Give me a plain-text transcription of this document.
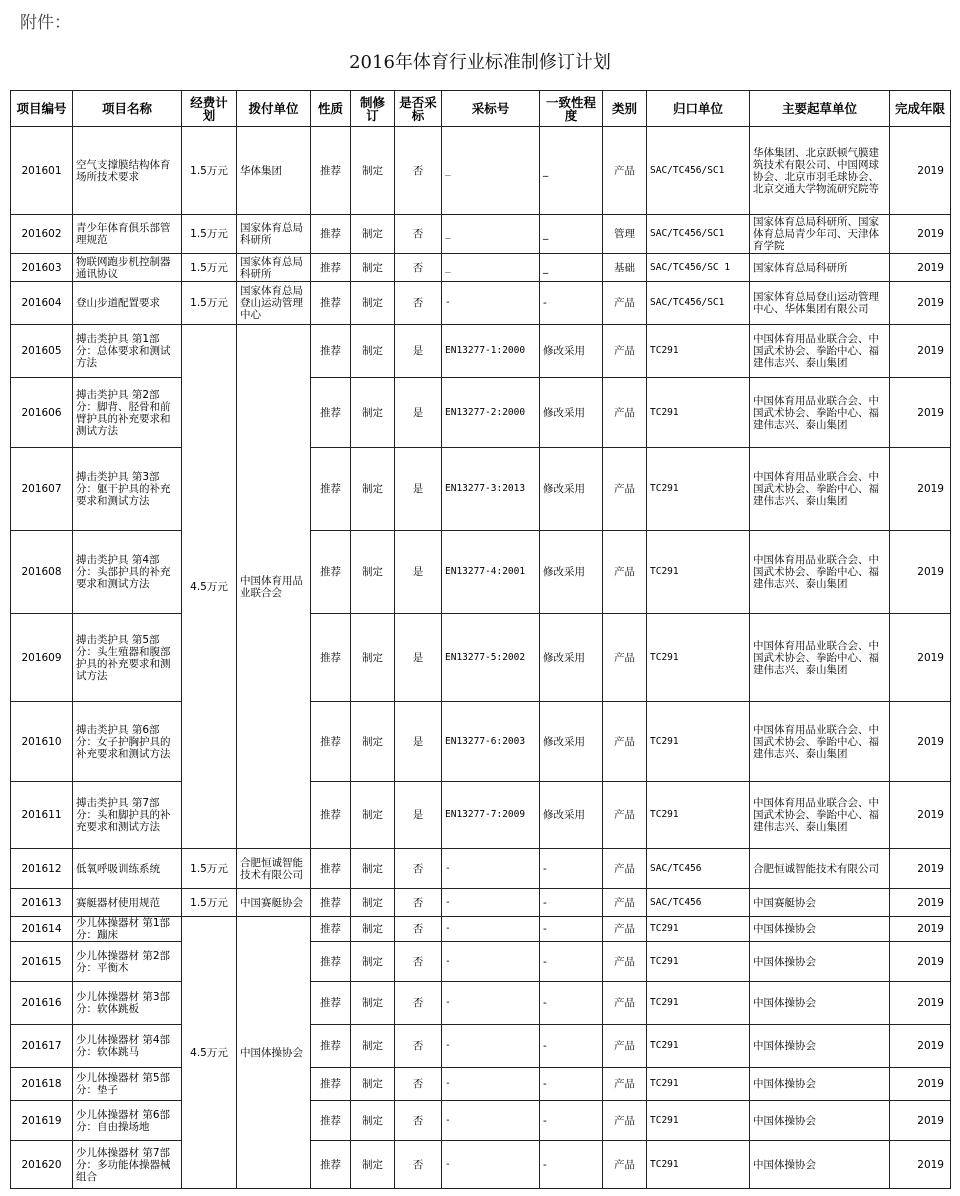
附件：
2016年体育行业标准制修订计划
项目编号	项目名称	经费计划	拨付单位	性质	制修订	是否采标	采标号	一致性程度	类别	归口单位	主要起草单位	完成年限
201601	空气支撑膜结构体育场所技术要求	1.5万元	华体集团	推荐	制定	否	_	_	产品	SAC/TC456/SC1	华体集团、北京跃顿气膜建筑技术有限公司、中国网球协会、北京市羽毛球协会、北京交通大学物流研究院等	2019
201602	青少年体育俱乐部管理规范	1.5万元	国家体育总局科研所	推荐	制定	否	_	_	管理	SAC/TC456/SC1	国家体育总局科研所、国家体育总局青少年司、天津体育学院	2019
201603	物联网跑步机控制器通讯协议	1.5万元	国家体育总局科研所	推荐	制定	否	_	_	基础	SAC/TC456/SC 1	国家体育总局科研所	2019
201604	登山步道配置要求	1.5万元	国家体育总局登山运动管理中心	推荐	制定	否	-	-	产品	SAC/TC456/SC1	国家体育总局登山运动管理中心、华体集团有限公司	2019
201605	搏击类护具 第1部分：总体要求和测试方法	4.5万元	中国体育用品业联合会	推荐	制定	是	EN13277-1:2000	修改采用	产品	TC291	中国体育用品业联合会、中国武术协会、拳跆中心、福建伟志兴、泰山集团	2019
201606	搏击类护具 第2部分：脚背、胫骨和前臂护具的补充要求和测试方法			推荐	制定	是	EN13277-2:2000	修改采用	产品	TC291	中国体育用品业联合会、中国武术协会、拳跆中心、福建伟志兴、泰山集团	2019
201607	搏击类护具 第3部分：躯干护具的补充要求和测试方法			推荐	制定	是	EN13277-3:2013	修改采用	产品	TC291	中国体育用品业联合会、中国武术协会、拳跆中心、福建伟志兴、泰山集团	2019
201608	搏击类护具 第4部分：头部护具的补充要求和测试方法			推荐	制定	是	EN13277-4:2001	修改采用	产品	TC291	中国体育用品业联合会、中国武术协会、拳跆中心、福建伟志兴、泰山集团	2019
201609	搏击类护具 第5部分：头生殖器和腹部护具的补充要求和测试方法			推荐	制定	是	EN13277-5:2002	修改采用	产品	TC291	中国体育用品业联合会、中国武术协会、拳跆中心、福建伟志兴、泰山集团	2019
201610	搏击类护具 第6部分：女子护胸护具的补充要求和测试方法			推荐	制定	是	EN13277-6:2003	修改采用	产品	TC291	中国体育用品业联合会、中国武术协会、拳跆中心、福建伟志兴、泰山集团	2019
201611	搏击类护具 第7部分：头和脚护具的补充要求和测试方法			推荐	制定	是	EN13277-7:2009	修改采用	产品	TC291	中国体育用品业联合会、中国武术协会、拳跆中心、福建伟志兴、泰山集团	2019
201612	低氧呼吸训练系统	1.5万元	合肥恒诚智能技术有限公司	推荐	制定	否	-	-	产品	SAC/TC456	合肥恒诚智能技术有限公司	2019
201613	赛艇器材使用规范	1.5万元	中国赛艇协会	推荐	制定	否	-	-	产品	SAC/TC456	中国赛艇协会	2019
201614	少儿体操器材 第1部分：蹦床	4.5万元	中国体操协会	推荐	制定	否	-	-	产品	TC291	中国体操协会	2019
201615	少儿体操器材 第2部分：平衡木			推荐	制定	否	-	-	产品	TC291	中国体操协会	2019
201616	少儿体操器材 第3部分：软体跳板			推荐	制定	否	-	-	产品	TC291	中国体操协会	2019
201617	少儿体操器材 第4部分：软体跳马			推荐	制定	否	-	-	产品	TC291	中国体操协会	2019
201618	少儿体操器材 第5部分：垫子			推荐	制定	否	-	-	产品	TC291	中国体操协会	2019
201619	少儿体操器材 第6部分：自由操场地			推荐	制定	否	-	-	产品	TC291	中国体操协会	2019
201620	少儿体操器材 第7部分：多功能体操器械组合			推荐	制定	否	-	-	产品	TC291	中国体操协会	2019
